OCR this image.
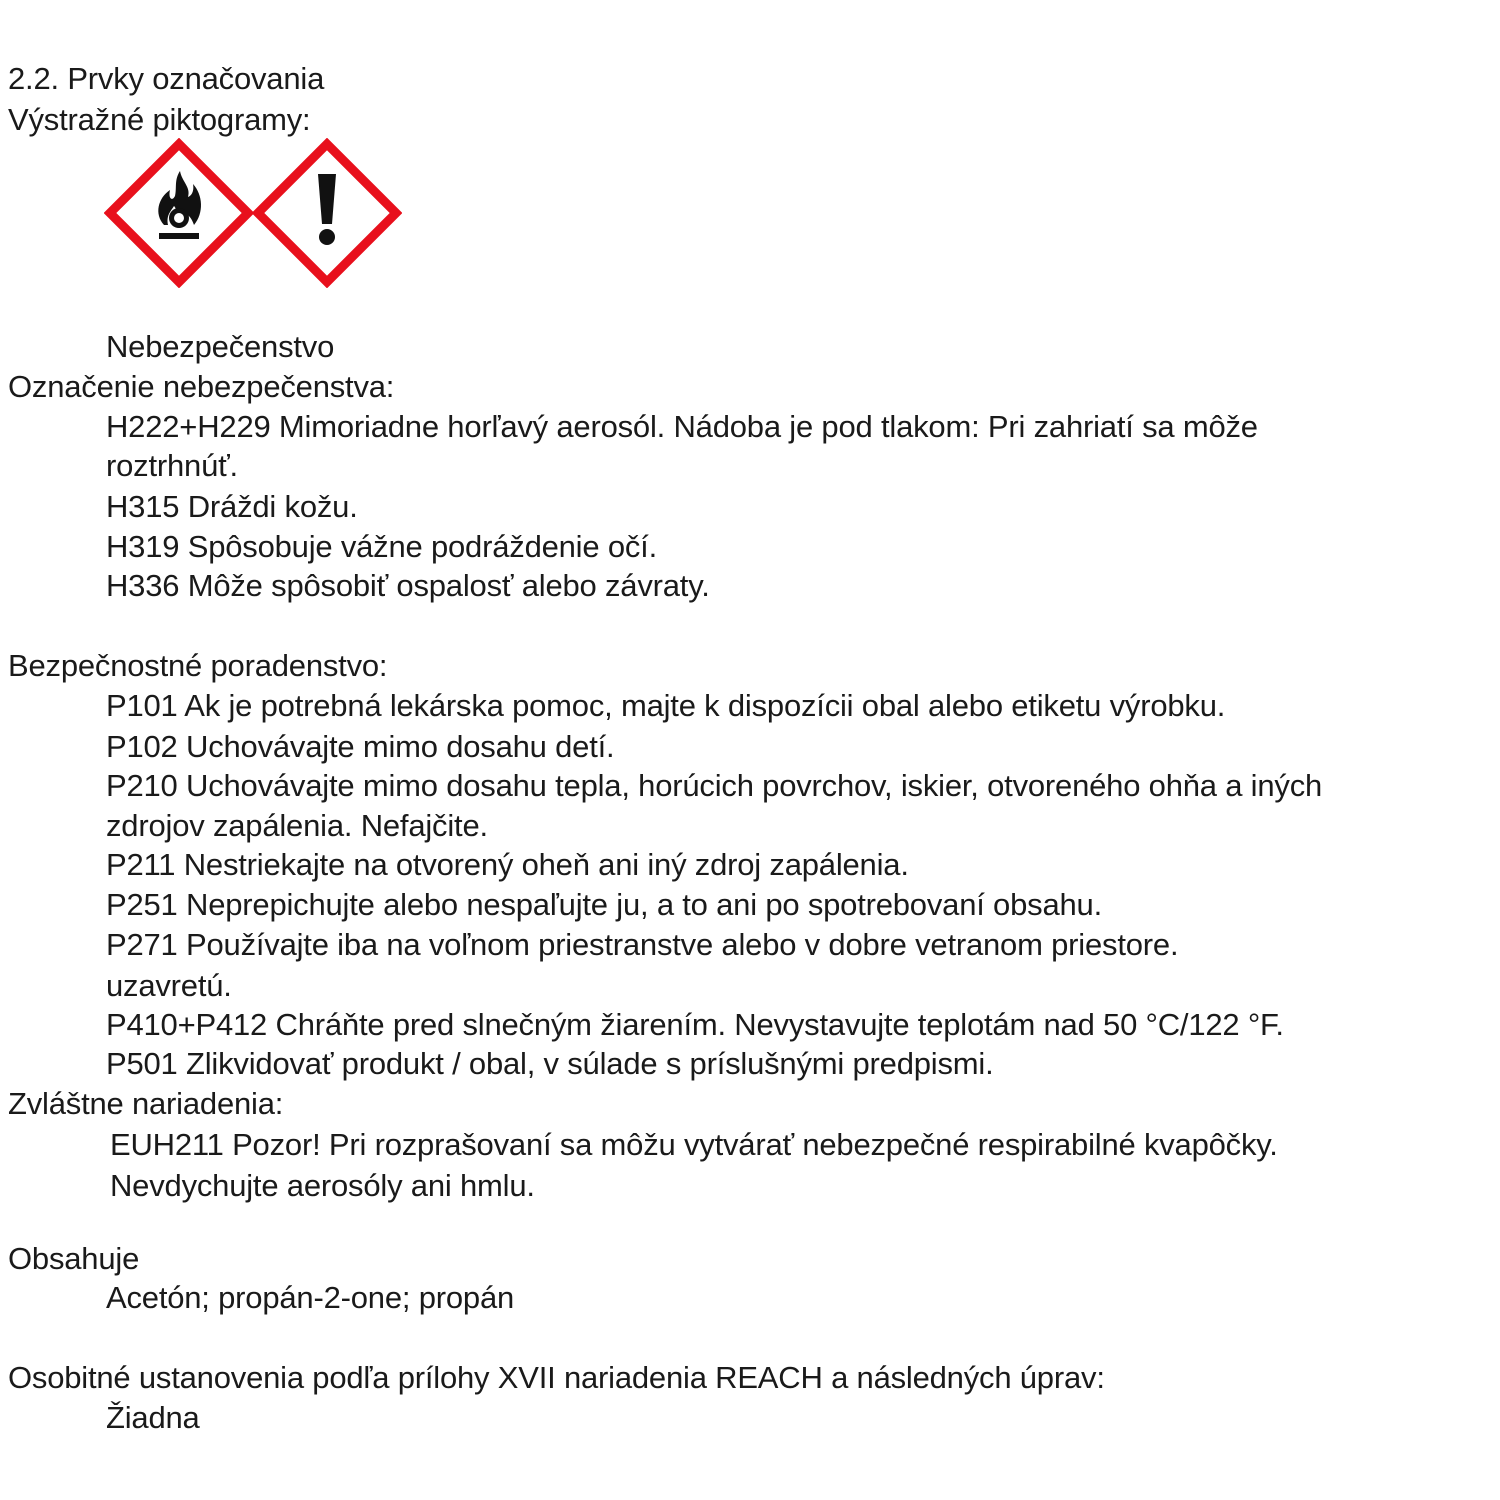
2.2. Prvky označovania
Výstražné piktogramy:
Nebezpečenstvo
Označenie nebezpečenstva:
H222+H229 Mimoriadne horľavý aerosól. Nádoba je pod tlakom: Pri zahriatí sa môže
roztrhnúť.
H315 Dráždi kožu.
H319 Spôsobuje vážne podráždenie očí.
H336 Môže spôsobiť ospalosť alebo závraty.
Bezpečnostné poradenstvo:
P101 Ak je potrebná lekárska pomoc, majte k dispozícii obal alebo etiketu výrobku.
P102 Uchovávajte mimo dosahu detí.
P210 Uchovávajte mimo dosahu tepla, horúcich povrchov, iskier, otvoreného ohňa a iných
zdrojov zapálenia. Nefajčite.
P211 Nestriekajte na otvorený oheň ani iný zdroj zapálenia.
P251 Neprepichujte alebo nespaľujte ju, a to ani po spotrebovaní obsahu.
P271 Používajte iba na voľnom priestranstve alebo v dobre vetranom priestore.
uzavretú.
P410+P412 Chráňte pred slnečným žiarením. Nevystavujte teplotám nad 50 °C/122 °F.
P501 Zlikvidovať produkt / obal, v súlade s príslušnými predpismi.
Zvláštne nariadenia:
EUH211 Pozor! Pri rozprašovaní sa môžu vytvárať nebezpečné respirabilné kvapôčky.
Nevdychujte aerosóly ani hmlu.
Obsahuje
Acetón; propán-2-one; propán
Osobitné ustanovenia podľa prílohy XVII nariadenia REACH a následných úprav:
Žiadna
